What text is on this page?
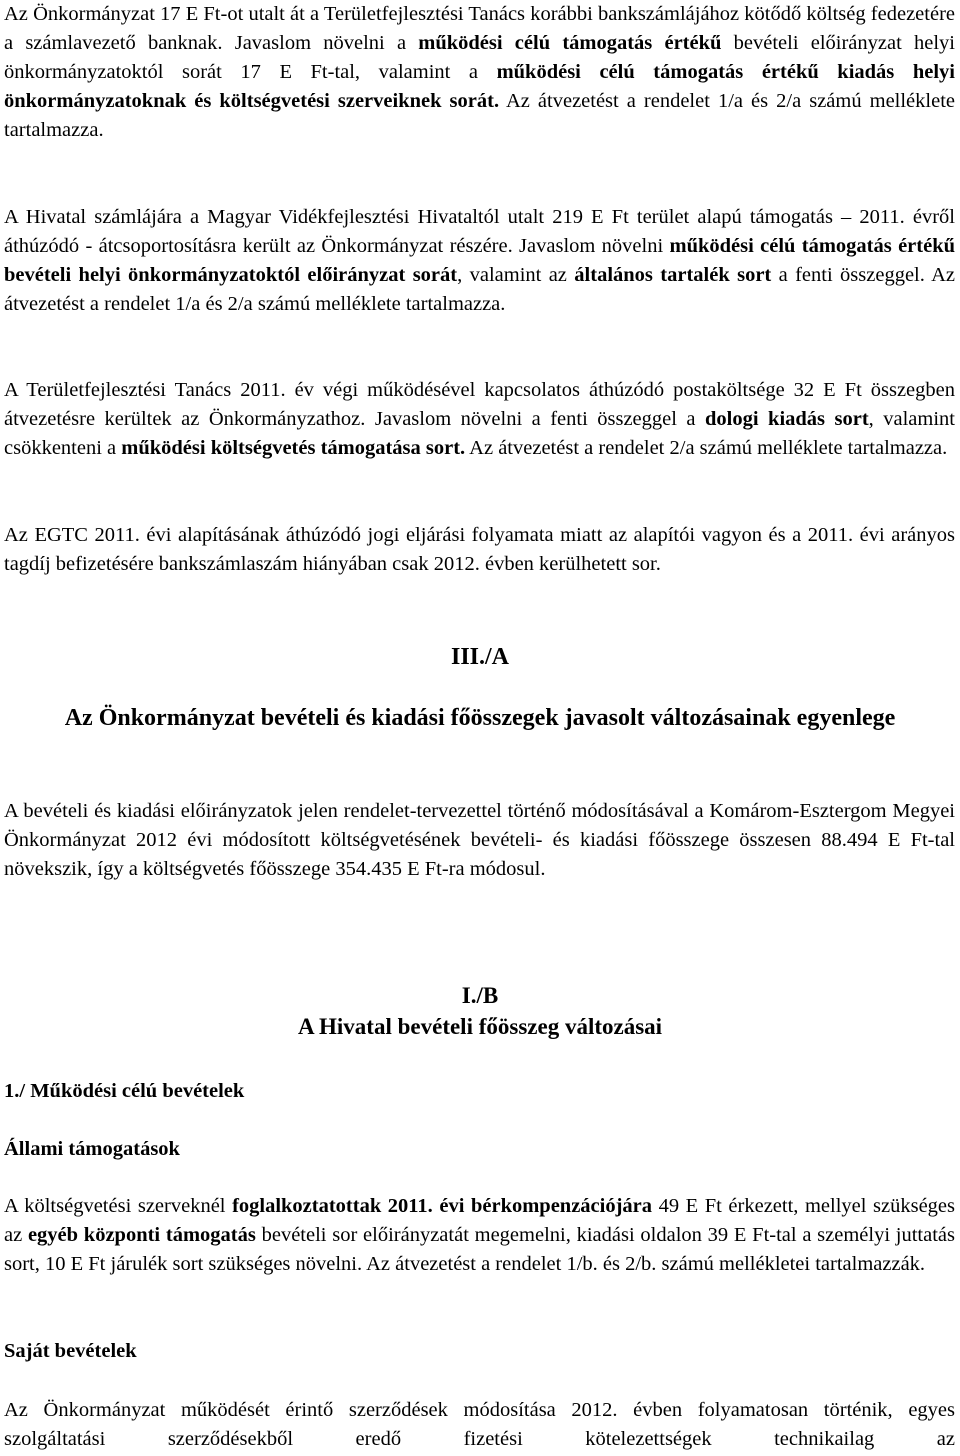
Az Önkormányzat 17 E Ft-ot utalt át a Területfejlesztési Tanács korábbi bankszámlájához kötődő költség fedezetére a számlavezető banknak. Javaslom növelni a működési célú támogatás értékű bevételi előirányzat helyi önkormányzatoktól sorát 17 E Ft-tal, valamint a működési célú támogatás értékű kiadás helyi önkormányzatoknak és költségvetési szerveiknek sorát. Az átvezetést a rendelet 1/a és 2/a számú melléklete tartalmazza.

A Hivatal számlájára a Magyar Vidékfejlesztési Hivataltól utalt 219 E Ft terület alapú támogatás – 2011. évről áthúzódó - átcsoportosításra került az Önkormányzat részére. Javaslom növelni működési célú támogatás értékű bevételi helyi önkormányzatoktól előirányzat sorát, valamint az általános tartalék sort a fenti összeggel. Az átvezetést a rendelet 1/a és 2/a számú melléklete tartalmazza.

A Területfejlesztési Tanács 2011. év végi működésével kapcsolatos áthúzódó postaköltsége 32 E Ft összegben átvezetésre kerültek az Önkormányzathoz. Javaslom növelni a fenti összeggel a dologi kiadás sort, valamint csökkenteni a működési költségvetés támogatása sort. Az átvezetést a rendelet 2/a számú melléklete tartalmazza.

Az EGTC 2011. évi alapításának áthúzódó jogi eljárási folyamata miatt az alapítói vagyon és a 2011. évi arányos tagdíj befizetésére bankszámlaszám hiányában csak 2012. évben kerülhetett sor.

III./A

Az Önkormányzat bevételi és kiadási főösszegek javasolt változásainak egyenlege

A bevételi és kiadási előirányzatok jelen rendelet-tervezettel történő módosításával a Komárom-Esztergom Megyei Önkormányzat 2012 évi módosított költségvetésének bevételi- és kiadási főösszege összesen 88.494 E Ft-tal növekszik, így a költségvetés főösszege 354.435 E Ft-ra módosul.

I./B

A Hivatal bevételi főösszeg változásai

1./ Működési célú bevételek

Állami támogatások

A költségvetési szerveknél foglalkoztatottak 2011. évi bérkompenzációjára 49 E Ft érkezett, mellyel szükséges az egyéb központi támogatás bevételi sor előirányzatát megemelni, kiadási oldalon 39 E Ft-tal a személyi juttatás sort, 10 E Ft járulék sort szükséges növelni. Az átvezetést a rendelet 1/b. és 2/b. számú mellékletei tartalmazzák.

Saját bevételek

Az Önkormányzat működését érintő szerződések módosítása 2012. évben folyamatosan történik, egyes szolgáltatási szerződésekből eredő fizetési kötelezettségek technikailag az
